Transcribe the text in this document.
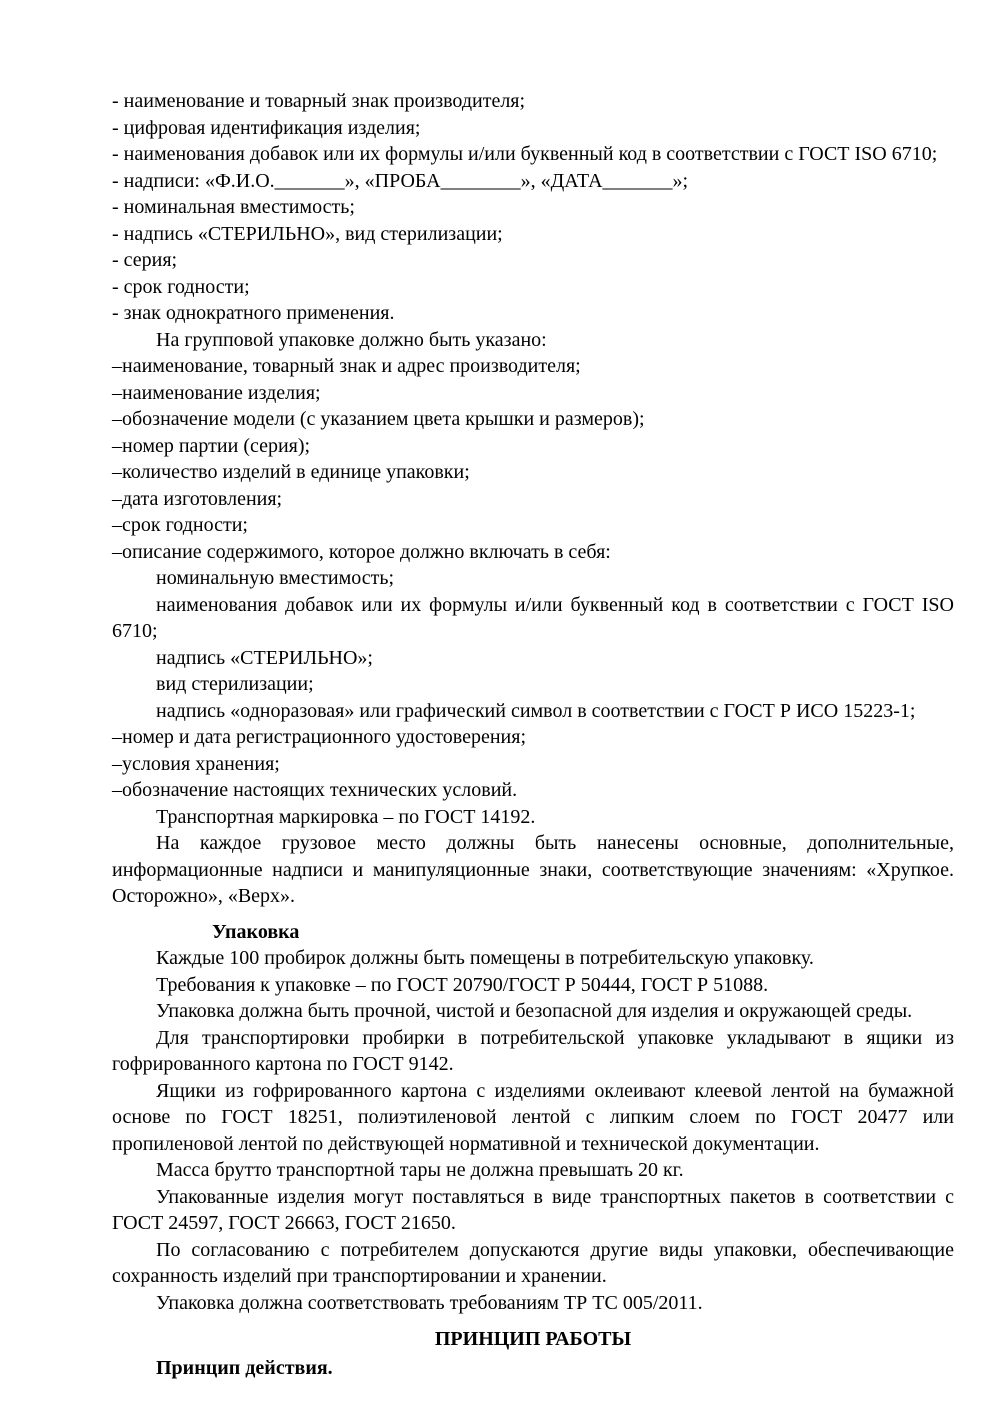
- наименование и товарный знак производителя;

- цифровая идентификация изделия;

- наименования добавок или их формулы и/или буквенный код в соответствии с ГОСТ ISO 6710;

- надписи: «Ф.И.О._______», «ПРОБА________», «ДАТА_______»;

- номинальная вместимость;

- надпись «СТЕРИЛЬНО», вид стерилизации;

- серия;

- срок годности;

- знак однократного применения.

На групповой упаковке должно быть указано:

–наименование, товарный знак и адрес производителя;

–наименование изделия;

–обозначение модели (с указанием цвета крышки и размеров);

–номер партии (серия);

–количество изделий в единице упаковки;

–дата изготовления;

–срок годности;

–описание содержимого, которое должно включать в себя:

номинальную вместимость;

наименования добавок или их формулы и/или буквенный код в соответствии с ГОСТ ISO 6710;

надпись «СТЕРИЛЬНО»;

вид стерилизации;

надпись «одноразовая» или графический символ в соответствии с ГОСТ Р ИСО 15223-1;

–номер и дата регистрационного удостоверения;

–условия хранения;

–обозначение настоящих технических условий.

Транспортная маркировка – по ГОСТ 14192.

На каждое грузовое место должны быть нанесены основные, дополнительные, информационные надписи и манипуляционные знаки, соответствующие значениям: «Хрупкое. Осторожно», «Верх».

Упаковка

Каждые 100 пробирок должны быть помещены в потребительскую упаковку.

Требования к упаковке – по ГОСТ 20790/ГОСТ Р 50444, ГОСТ Р 51088.

Упаковка должна быть прочной, чистой и безопасной для изделия и окружающей среды.

Для транспортировки пробирки в потребительской упаковке укладывают в ящики из гофрированного картона по ГОСТ 9142.

Ящики из гофрированного картона с изделиями оклеивают клеевой лентой на бумажной основе по ГОСТ 18251, полиэтиленовой лентой с липким слоем по ГОСТ 20477 или пропиленовой лентой по действующей нормативной и технической документации.

Масса брутто транспортной тары не должна превышать 20 кг.

Упакованные изделия могут поставляться в виде транспортных пакетов в соответствии с ГОСТ 24597, ГОСТ 26663, ГОСТ 21650.

По согласованию с потребителем допускаются другие виды упаковки, обеспечивающие сохранность изделий при транспортировании и хранении.

Упаковка должна соответствовать требованиям ТР ТС 005/2011.

ПРИНЦИП РАБОТЫ

Принцип действия.
